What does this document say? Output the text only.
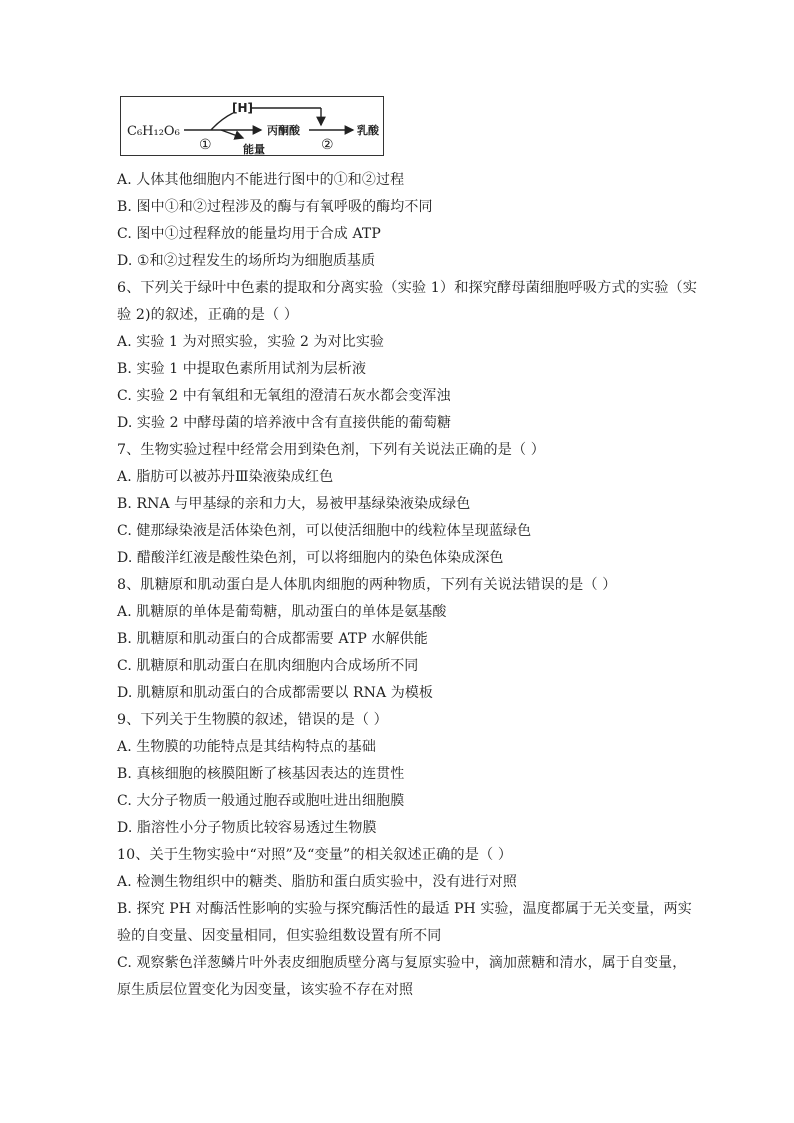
C₆H₁₂O₆
[H]
①	能量
丙酮酸
②
乳酸
A. 人体其他细胞内不能进行图中的①和②过程
B. 图中①和②过程涉及的酶与有氧呼吸的酶均不同
C. 图中①过程释放的能量均用于合成 ATP
D. ①和②过程发生的场所均为细胞质基质
6、下列关于绿叶中色素的提取和分离实验（实验 1）和探究酵母菌细胞呼吸方式的实验（实
验 2)的叙述，正确的是（ ）
A. 实验 1 为对照实验，实验 2 为对比实验
B. 实验 1 中提取色素所用试剂为层析液
C. 实验 2 中有氧组和无氧组的澄清石灰水都会变浑浊
D. 实验 2 中酵母菌的培养液中含有直接供能的葡萄糖
7、生物实验过程中经常会用到染色剂，下列有关说法正确的是（ ）
A. 脂肪可以被苏丹Ⅲ染液染成红色
B. RNA 与甲基绿的亲和力大，易被甲基绿染液染成绿色
C. 健那绿染液是活体染色剂，可以使活细胞中的线粒体呈现蓝绿色
D. 醋酸洋红液是酸性染色剂，可以将细胞内的染色体染成深色
8、肌糖原和肌动蛋白是人体肌肉细胞的两种物质，下列有关说法错误的是（ ）
A. 肌糖原的单体是葡萄糖，肌动蛋白的单体是氨基酸
B. 肌糖原和肌动蛋白的合成都需要 ATP 水解供能
C. 肌糖原和肌动蛋白在肌肉细胞内合成场所不同
D. 肌糖原和肌动蛋白的合成都需要以 RNA 为模板
9、下列关于生物膜的叙述，错误的是（ ）
A. 生物膜的功能特点是其结构特点的基础
B. 真核细胞的核膜阻断了核基因表达的连贯性
C. 大分子物质一般通过胞吞或胞吐进出细胞膜
D. 脂溶性小分子物质比较容易透过生物膜
10、关于生物实验中“对照”及“变量”的相关叙述正确的是（ ）
A. 检测生物组织中的糖类、脂肪和蛋白质实验中，没有进行对照
B. 探究 PH 对酶活性影响的实验与探究酶活性的最适 PH 实验，温度都属于无关变量，两实
验的自变量、因变量相同，但实验组数设置有所不同
C. 观察紫色洋葱鳞片叶外表皮细胞质壁分离与复原实验中，滴加蔗糖和清水，属于自变量，
原生质层位置变化为因变量，该实验不存在对照
